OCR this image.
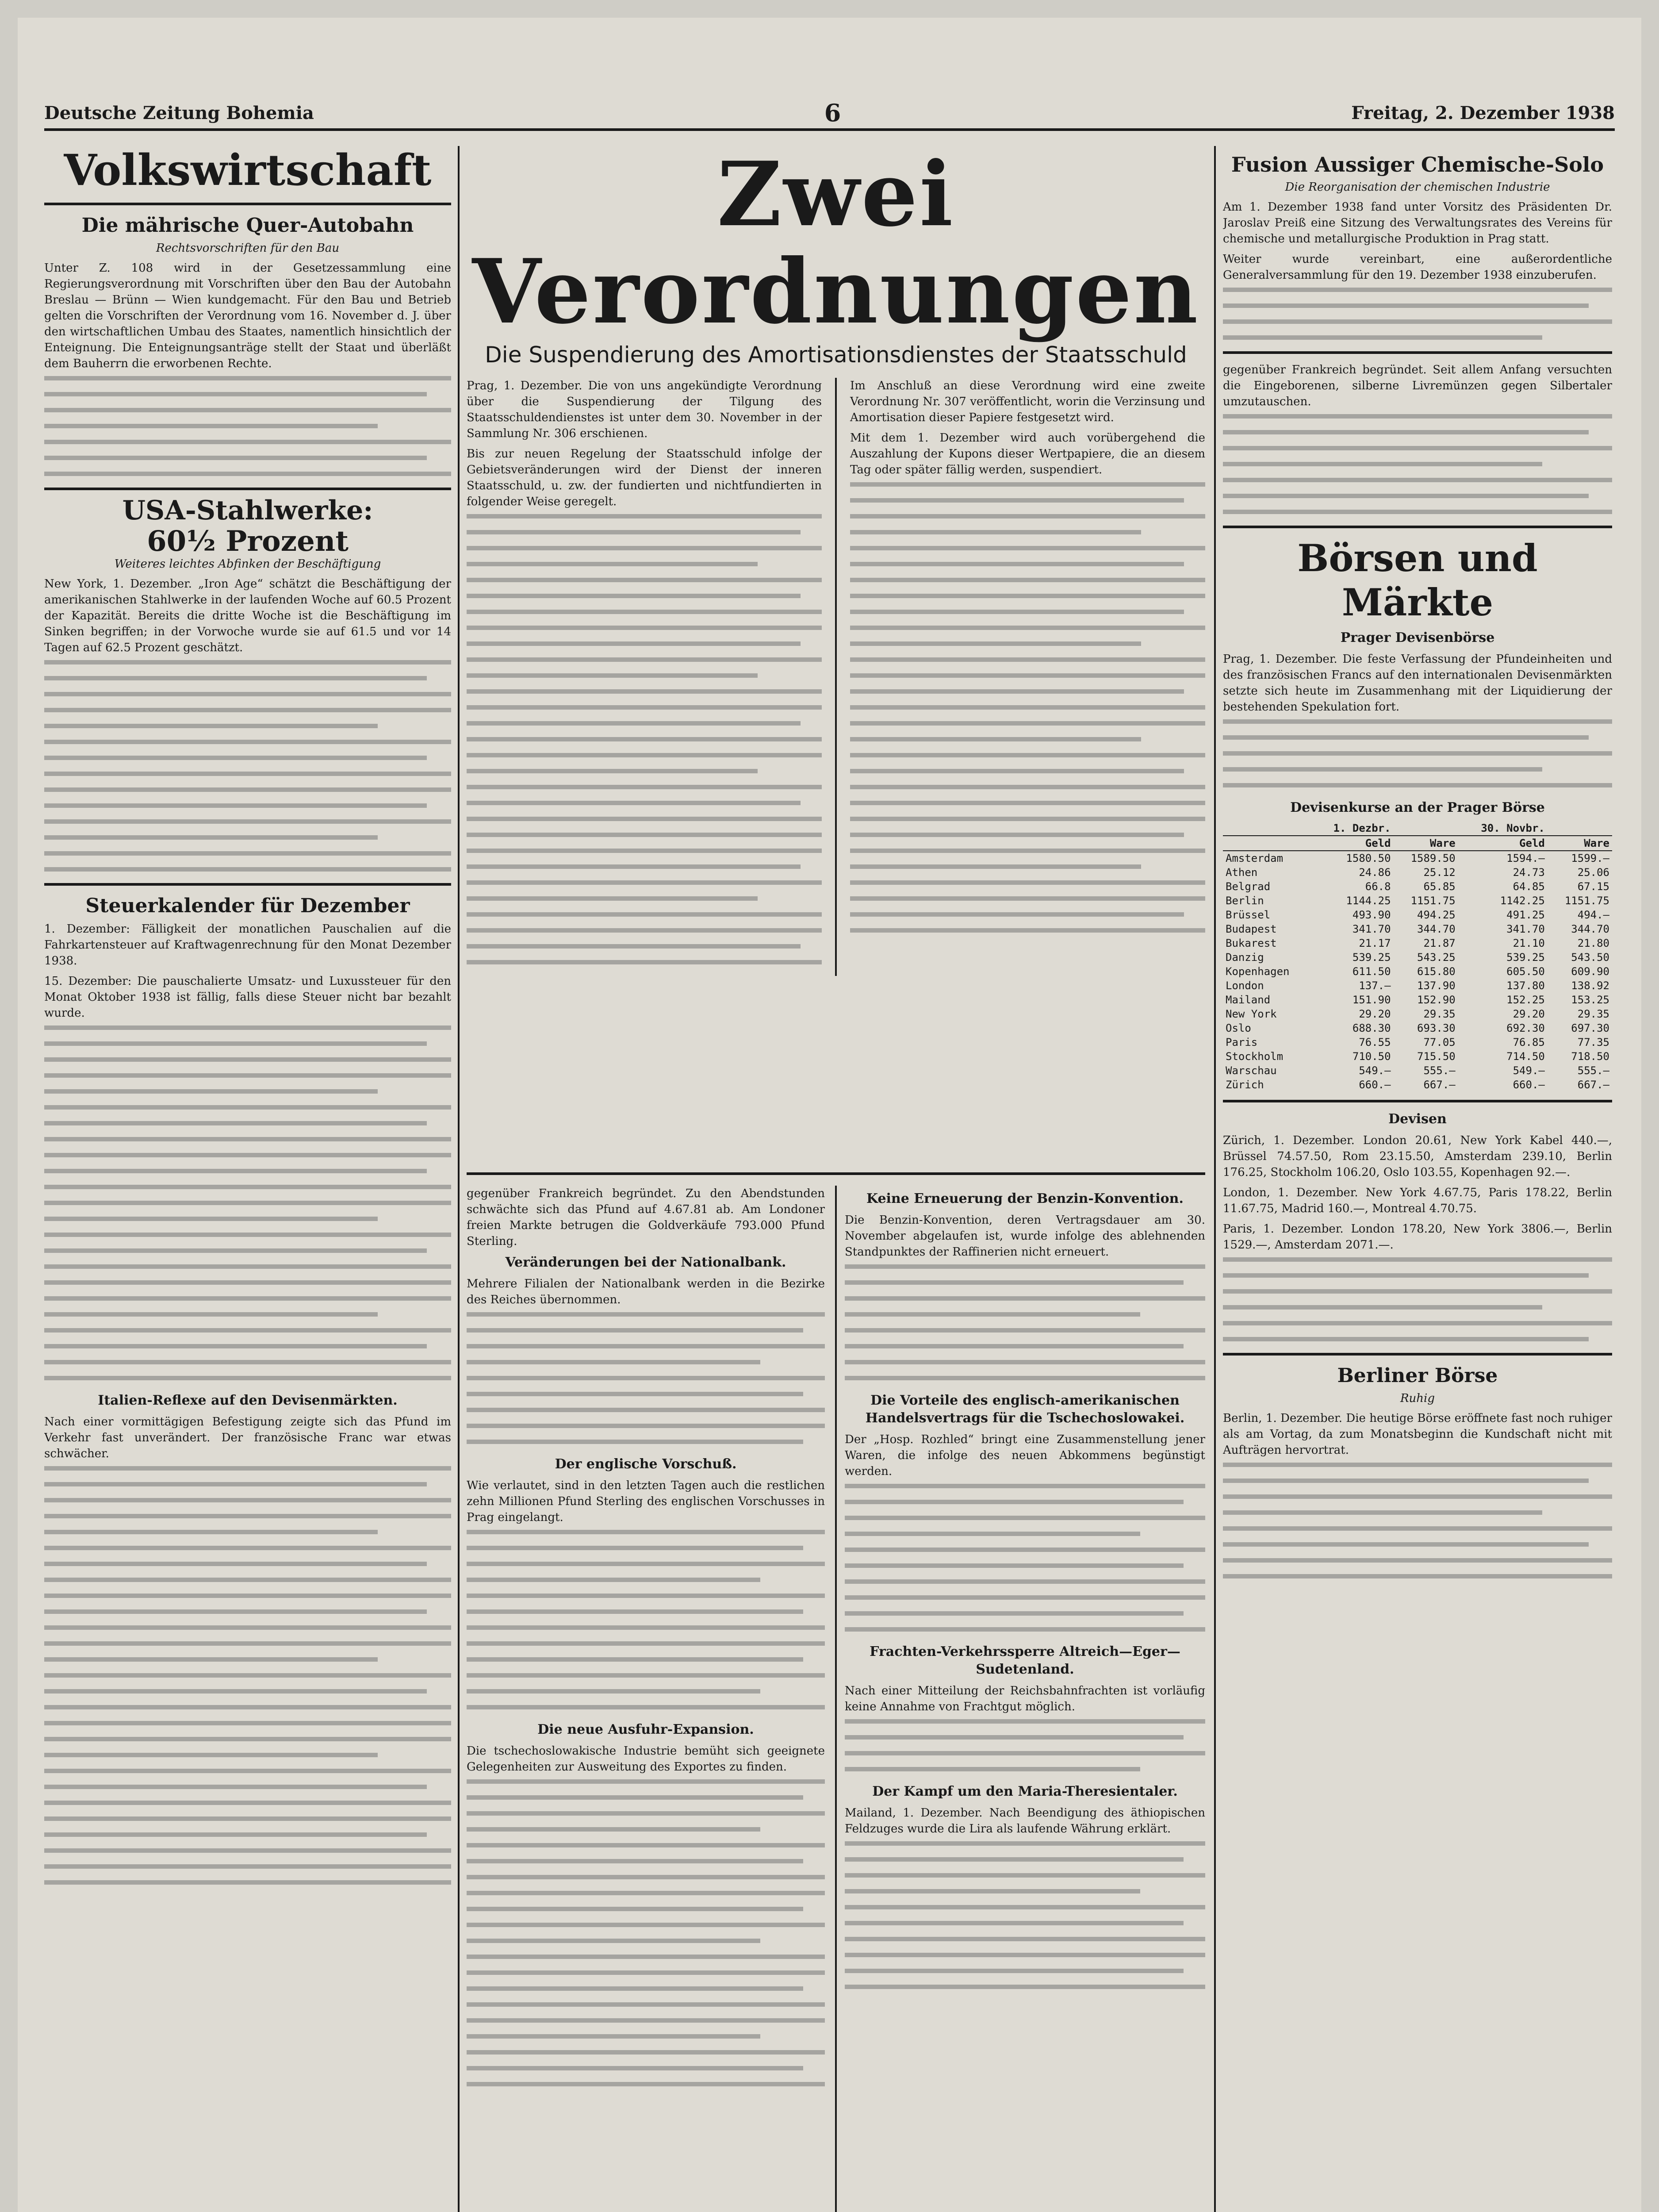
Deutsche Zeitung Bohemia	6	Freitag, 2. Dezember 1938
Volkswirtschaft
Die mährische Quer-Autobahn
Rechtsvorschriften für den Bau

Unter Z. 108 wird in der Gesetzessammlung eine Regierungsverordnung mit Vorschriften über den Bau der Autobahn Breslau — Brünn — Wien kundgemacht. Für den Bau und Betrieb gelten die Vorschriften der Verordnung vom 16. November d. J. über den wirtschaftlichen Umbau des Staates, namentlich hinsichtlich der Enteignung. Die Enteignungsanträge stellt der Staat und überläßt dem Bauherrn die erworbenen Rechte.

USA-Stahlwerke:
60½ Prozent
Weiteres leichtes Abfinken der Beschäftigung

New York, 1. Dezember. „Iron Age“ schätzt die Beschäftigung der amerikanischen Stahlwerke in der laufenden Woche auf 60.5 Prozent der Kapazität. Bereits die dritte Woche ist die Beschäftigung im Sinken begriffen; in der Vorwoche wurde sie auf 61.5 und vor 14 Tagen auf 62.5 Prozent geschätzt.

Steuerkalender für Dezember

1. Dezember: Fälligkeit der monatlichen Pauschalien auf die Fahrkartensteuer auf Kraftwagenrechnung für den Monat Dezember 1938.

15. Dezember: Die pauschalierte Umsatz- und Luxussteuer für den Monat Oktober 1938 ist fällig, falls diese Steuer nicht bar bezahlt wurde.

Italien-Reflexe auf den Devisenmärkten.

Nach einer vormittägigen Befestigung zeigte sich das Pfund im Verkehr fast unverändert. Der französische Franc war etwas schwächer.

Zwei Verordnungen
Die Suspendierung des Amortisationsdienstes der Staatsschuld

Prag, 1. Dezember. Die von uns angekündigte Verordnung über die Suspendierung der Tilgung des Staatsschuldendienstes ist unter dem 30. November in der Sammlung Nr. 306 erschienen.

Bis zur neuen Regelung der Staatsschuld infolge der Gebietsveränderungen wird der Dienst der inneren Staatsschuld, u. zw. der fundierten und nichtfundierten in folgender Weise geregelt.

Im Anschluß an diese Verordnung wird eine zweite Verordnung Nr. 307 veröffentlicht, worin die Verzinsung und Amortisation dieser Papiere festgesetzt wird.

Mit dem 1. Dezember wird auch vorübergehend die Auszahlung der Kupons dieser Wertpapiere, die an diesem Tag oder später fällig werden, suspendiert.

gegenüber Frankreich begründet. Zu den Abendstunden schwächte sich das Pfund auf 4.67.81 ab. Am Londoner freien Markte betrugen die Goldverkäufe 793.000 Pfund Sterling.

Veränderungen bei der Nationalbank.

Mehrere Filialen der Nationalbank werden in die Bezirke des Reiches übernommen.

Der englische Vorschuß.

Wie verlautet, sind in den letzten Tagen auch die restlichen zehn Millionen Pfund Sterling des englischen Vorschusses in Prag eingelangt.

Die neue Ausfuhr-Expansion.

Die tschechoslowakische Industrie bemüht sich geeignete Gelegenheiten zur Ausweitung des Exportes zu finden.

Keine Erneuerung der Benzin-Konvention.

Die Benzin-Konvention, deren Vertragsdauer am 30. November abgelaufen ist, wurde infolge des ablehnenden Standpunktes der Raffinerien nicht erneuert.

Die Vorteile des englisch-amerikanischen Handelsvertrags für die Tschechoslowakei.

Der „Hosp. Rozhled“ bringt eine Zusammenstellung jener Waren, die infolge des neuen Abkommens begünstigt werden.

Frachten-Verkehrssperre Altreich—Eger—Sudetenland.

Nach einer Mitteilung der Reichsbahnfrachten ist vorläufig keine Annahme von Frachtgut möglich.

Der Kampf um den Maria-Theresientaler.

Mailand, 1. Dezember. Nach Beendigung des äthiopischen Feldzuges wurde die Lira als laufende Währung erklärt.

Fusion Aussiger Chemische-Solo
Die Reorganisation der chemischen Industrie

Am 1. Dezember 1938 fand unter Vorsitz des Präsidenten Dr. Jaroslav Preiß eine Sitzung des Verwaltungsrates des Vereins für chemische und metallurgische Produktion in Prag statt.

Weiter wurde vereinbart, eine außerordentliche Generalversammlung für den 19. Dezember 1938 einzuberufen.

gegenüber Frankreich begründet. Seit allem Anfang versuchten die Eingeborenen, silberne Livremünzen gegen Silbertaler umzutauschen.

Börsen und Märkte
Prager Devisenbörse

Prag, 1. Dezember. Die feste Verfassung der Pfundeinheiten und des französischen Francs auf den internationalen Devisenmärkten setzte sich heute im Zusammenhang mit der Liquidierung der bestehenden Spekulation fort.

Devisenkurse an der Prager Börse
	1. Dezbr.		30. Novbr.	
	Geld	Ware	Geld	Ware
Amsterdam	1580.50	1589.50	1594.—	1599.—
Athen	24.86	25.12	24.73	25.06
Belgrad	66.8	65.85	64.85	67.15
Berlin	1144.25	1151.75	1142.25	1151.75
Brüssel	493.90	494.25	491.25	494.—
Budapest	341.70	344.70	341.70	344.70
Bukarest	21.17	21.87	21.10	21.80
Danzig	539.25	543.25	539.25	543.50
Kopenhagen	611.50	615.80	605.50	609.90
London	137.—	137.90	137.80	138.92
Mailand	151.90	152.90	152.25	153.25
New York	29.20	29.35	29.20	29.35
Oslo	688.30	693.30	692.30	697.30
Paris	76.55	77.05	76.85	77.35
Stockholm	710.50	715.50	714.50	718.50
Warschau	549.—	555.—	549.—	555.—
Zürich	660.—	667.—	660.—	667.—
Devisen

Zürich, 1. Dezember. London 20.61, New York Kabel 440.—, Brüssel 74.57.50, Rom 23.15.50, Amsterdam 239.10, Berlin 176.25, Stockholm 106.20, Oslo 103.55, Kopenhagen 92.—.

London, 1. Dezember. New York 4.67.75, Paris 178.22, Berlin 11.67.75, Madrid 160.—, Montreal 4.70.75.

Paris, 1. Dezember. London 178.20, New York 3806.—, Berlin 1529.—, Amsterdam 2071.—.

Berliner Börse
Ruhig

Berlin, 1. Dezember. Die heutige Börse eröffnete fast noch ruhiger als am Vortag, da zum Monatsbeginn die Kundschaft nicht mit Aufträgen hervortrat.
